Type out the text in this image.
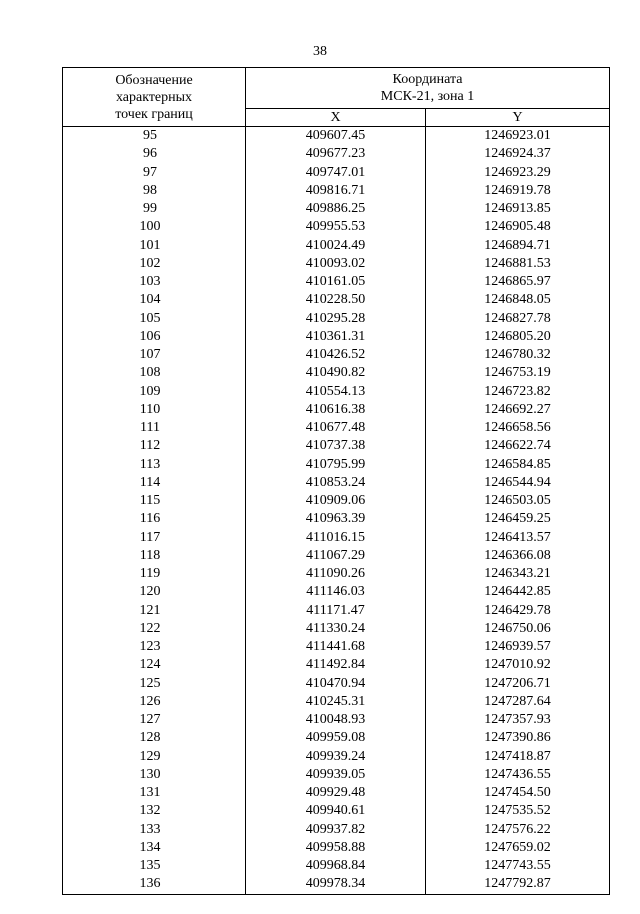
38
Обозначение
характерных
точек границ	Координата
МСК-21, зона 1	

	X	Y
95	409607.45	1246923.01
96	409677.23	1246924.37
97	409747.01	1246923.29
98	409816.71	1246919.78
99	409886.25	1246913.85
100	409955.53	1246905.48
101	410024.49	1246894.71
102	410093.02	1246881.53
103	410161.05	1246865.97
104	410228.50	1246848.05
105	410295.28	1246827.78
106	410361.31	1246805.20
107	410426.52	1246780.32
108	410490.82	1246753.19
109	410554.13	1246723.82
110	410616.38	1246692.27
111	410677.48	1246658.56
112	410737.38	1246622.74
113	410795.99	1246584.85
114	410853.24	1246544.94
115	410909.06	1246503.05
116	410963.39	1246459.25
117	411016.15	1246413.57
118	411067.29	1246366.08
119	411090.26	1246343.21
120	411146.03	1246442.85
121	411171.47	1246429.78
122	411330.24	1246750.06
123	411441.68	1246939.57
124	411492.84	1247010.92
125	410470.94	1247206.71
126	410245.31	1247287.64
127	410048.93	1247357.93
128	409959.08	1247390.86
129	409939.24	1247418.87
130	409939.05	1247436.55
131	409929.48	1247454.50
132	409940.61	1247535.52
133	409937.82	1247576.22
134	409958.88	1247659.02
135	409968.84	1247743.55
136	409978.34	1247792.87
